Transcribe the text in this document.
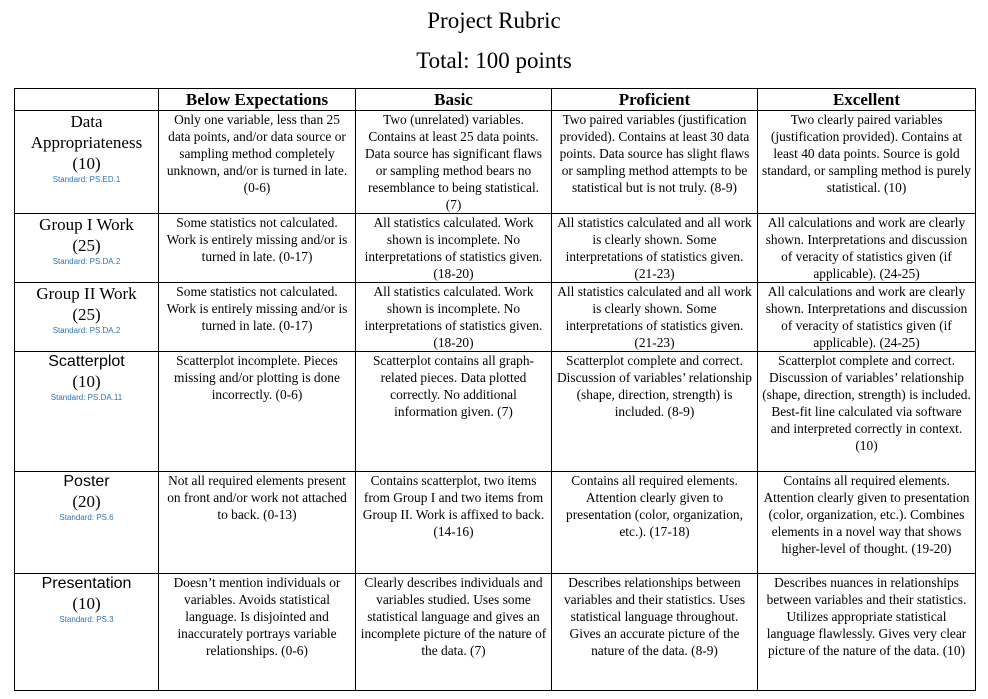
Project Rubric
Total: 100 points
	Below Expectations	Basic	Proficient	Excellent

Data Appropriateness
(10)
Standard: PS.ED.1	Only one variable, less than 25 data points, and/or data source or sampling method completely unknown, and/or is turned in late. (0-6)	Two (unrelated) variables. Contains at least 25 data points. Data source has significant flaws or sampling method bears no resemblance to being statistical. (7)	Two paired variables (justification provided). Contains at least 30 data points. Data source has slight flaws or sampling method attempts to be statistical but is not truly. (8-9)	Two clearly paired variables (justification provided). Contains at least 40 data points. Source is gold standard, or sampling method is purely statistical. (10)

Group I Work
(25)
Standard: PS.DA.2	Some statistics not calculated. Work is entirely missing and/or is turned in late. (0-17)	All statistics calculated. Work shown is incomplete. No interpretations of statistics given. (18-20)	All statistics calculated and all work is clearly shown. Some interpretations of statistics given. (21-23)	All calculations and work are clearly shown. Interpretations and discussion of veracity of statistics given (if applicable). (24-25)

Group II Work
(25)
Standard: PS.DA.2	Some statistics not calculated. Work is entirely missing and/or is turned in late. (0-17)	All statistics calculated. Work shown is incomplete. No interpretations of statistics given. (18-20)	All statistics calculated and all work is clearly shown. Some interpretations of statistics given. (21-23)	All calculations and work are clearly shown. Interpretations and discussion of veracity of statistics given (if applicable). (24-25)

Scatterplot
(10)
Standard: PS.DA.11	Scatterplot incomplete. Pieces missing and/or plotting is done incorrectly. (0-6)	Scatterplot contains all graph-related pieces. Data plotted correctly. No additional information given. (7)	Scatterplot complete and correct. Discussion of variables’ relationship (shape, direction, strength) is included. (8-9)	Scatterplot complete and correct. Discussion of variables’ relationship (shape, direction, strength) is included. Best-fit line calculated via software and interpreted correctly in context. (10)

Poster
(20)
Standard: PS.6	Not all required elements present on front and/or work not attached to back. (0-13)	Contains scatterplot, two items from Group I and two items from Group II. Work is affixed to back. (14-16)	Contains all required elements. Attention clearly given to presentation (color, organization, etc.). (17-18)	Contains all required elements. Attention clearly given to presentation (color, organization, etc.). Combines elements in a novel way that shows higher-level of thought. (19-20)

Presentation
(10)
Standard: PS.3	Doesn’t mention individuals or variables. Avoids statistical language. Is disjointed and inaccurately portrays variable relationships. (0-6)	Clearly describes individuals and variables studied. Uses some statistical language and gives an incomplete picture of the nature of the data. (7)	Describes relationships between variables and their statistics. Uses statistical language throughout. Gives an accurate picture of the nature of the data. (8-9)	Describes nuances in relationships between variables and their statistics. Utilizes appropriate statistical language flawlessly. Gives very clear picture of the nature of the data. (10)
